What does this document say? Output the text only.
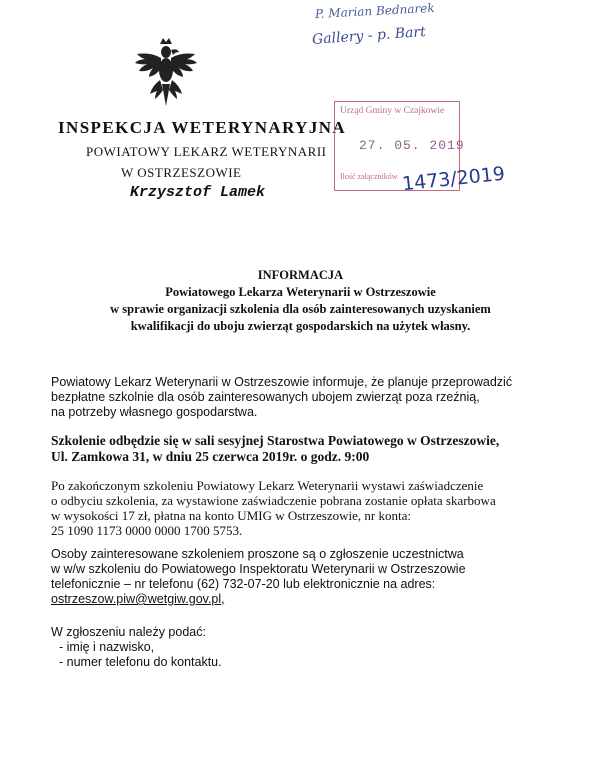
P. Marian Bednarek
Gallery - p. Bart
INSPEKCJA WETERYNARYJNA
POWIATOWY LEKARZ WETERYNARII
W OSTRZESZOWIE
Krzysztof Lamek
Urząd Gminy w Czajkowie
27. 05. 2019
Ilość załączników 1473/2019
INFORMACJA
Powiatowego Lekarza Weterynarii w Ostrzeszowie
w sprawie organizacji szkolenia dla osób zainteresowanych uzyskaniem
kwalifikacji do uboju zwierząt gospodarskich na użytek własny.
Powiatowy Lekarz Weterynarii w Ostrzeszowie informuje, że planuje przeprowadzić
bezpłatne szkolnie dla osób zainteresowanych ubojem zwierząt poza rzeźnią,
na potrzeby własnego gospodarstwa.
Szkolenie odbędzie się w sali sesyjnej Starostwa Powiatowego w Ostrzeszowie,
Ul. Zamkowa 31, w dniu 25 czerwca 2019r. o godz. 9:00
Po zakończonym szkoleniu Powiatowy Lekarz Weterynarii wystawi zaświadczenie
o odbyciu szkolenia, za wystawione zaświadczenie pobrana zostanie opłata skarbowa
w wysokości 17 zł, płatna na konto UMIG w Ostrzeszowie, nr konta:
25 1090 1173 0000 0000 1700 5753.
Osoby zainteresowane szkoleniem proszone są o zgłoszenie uczestnictwa
w w/w szkoleniu do Powiatowego Inspektoratu Weterynarii w Ostrzeszowie
telefonicznie – nr telefonu (62) 732-07-20 lub elektronicznie na adres:
ostrzeszow.piw@wetgiw.gov.pl,
W zgłoszeniu należy podać:
- imię i nazwisko,
- numer telefonu do kontaktu.
